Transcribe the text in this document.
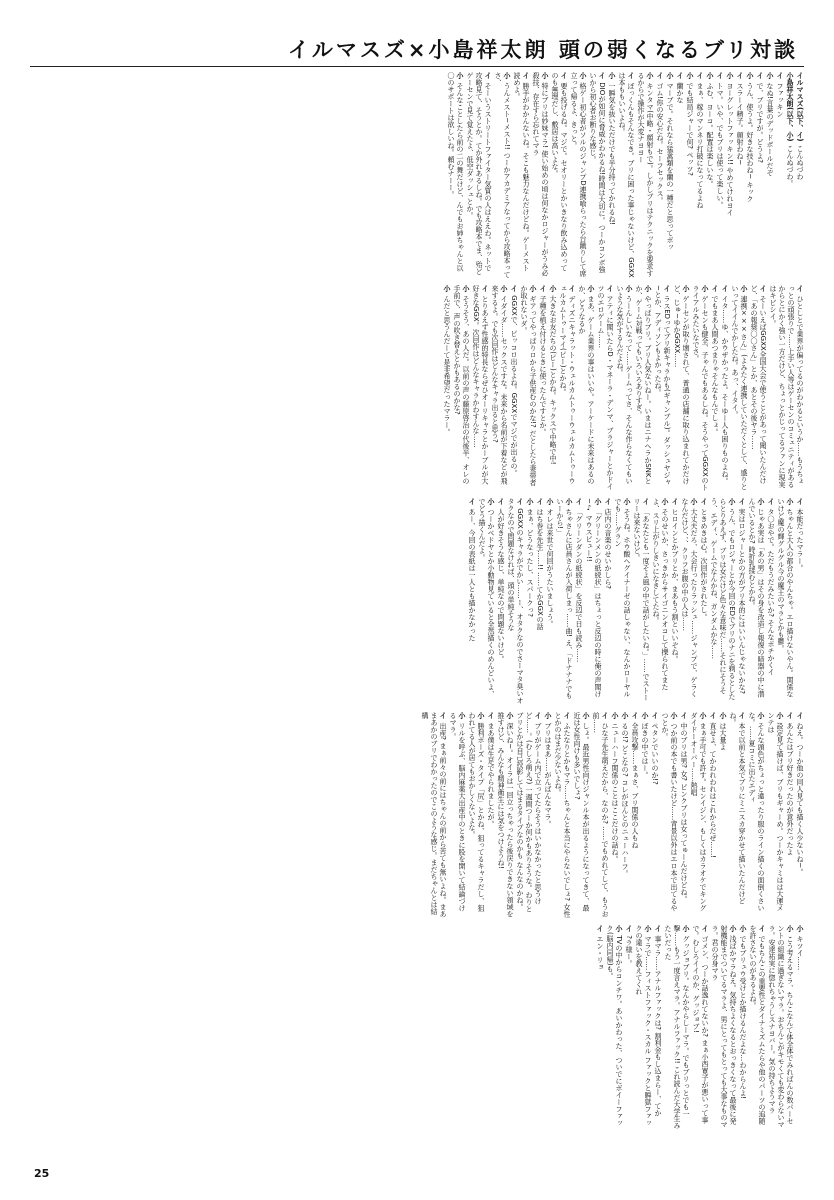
イルマスズ×小島祥太朗 頭の弱くなるブリ対談
イルマスズ(以下、イ) こんぬづわ
小島祥太朗(以下、小) こんぬづわ。
イ ファッキン
小 なぬ!言葉のデッドボールだぞ
イ で、ブリですが。どうよ?
小 うん、使うよ。好きな技わね~ キック
イ スラーイ精子。顔射わね~
小 ヨーグレットファッキン!! やめてけれヨイ
イ トマ。いや、でもブリは使って楽しい。
小 ふむ、ヨーコ。配置は楽しいな。
イ まぁ、稼のマンネリ打破になってるよね
小 でも結局ジャーで何? ペッツ?
イ 蘭かな
小 マーブで。それなら猛禽類を蘭の一種だと思ってボッ
イ ゴム!你の安心だね。セーフセックス。
小 キンタマ(中略・顔射もで)。しかしブリはテクニックを要求するからで操作が大変ナヨヨー
イ ぼっくんもそんなでき。ブリに困った事じゃないけど、GGXXは本ももいいよね。
小 一瞬気を抜いただけでも半分持ってかれるね!
イ DIOが如何に脅威かわかるね!時間は大切に。つーかコンボ強いから初心者お断りな感じ。
小 格ゲー初心者がソルのジャンプD連携喰らったら台蹴りして席立って帰るよ、きっと。
イ 要も投げるね。マジで。セオリーとかいきなり飲み込めってのも無理だし、敷居は高いよな。
小 特にブリは妙妹マラ! 使い始めの頃は何なかロジャーがうみ必殺技、存在すら忘れてマラ
イ 勝手がわかんないね。そこも魅力なんだけどね。ゲーメスト読めよ。
小 うんメスト~メスト!! つーかアカデミアなってから攻略本ってさ、
イ そーいうストリートファイター気質の人はええわ。ネットで攻略見て、そうとか。てか外れあるしね。でも攻略本でま、殆どゲーセンで見て覚えたよ、低空ダッシュとか。
小 そんなことしたら前の二の舞だけど、んでもお姉ちゃんと以〇のサポートは欲しいね。頼むナーー。
イ ひとしとで業界が偏ってるのがわかるというか……もうちょっとの頑張りで……上手い人等はゲーセンのコミュニティがあるからとにかく強い一方だけど、ちょっとかじってるファンに現実はキビシイ。
イ そーいえばGGXX全国大会で使うことがあって聞いたんだけど、「あの報奨〇〇さん」とか、あとその後ヤラ……
小 連携×××さん」(よみたく連携していただくとして、盛りといってイイんでかしたね。あっ、イタイ。
イ イタ……ゆ、かウザかったよ。そーゆー人も困りものよね。
イ でもまあ人間あつまりゃそんなもんでしょ。
小 ゲーセンも健全、子ゃんでもあるしね。そうやってGGXXのトライアルみたいなでさ。
小 ゲーセンが取り壊されて、普通の店舗に取り込まれてかだけど、じゅ~ゆかGGXX……
イ ラスEDってブリ新キャラかも(ギャンブル)。ダッシュヤジャ~とか、アディソンもよかったね。
小 やっぱりブリ。ブリ人気ないねー。いまはニナヘラかSNKとか、ゲーム対戦ってもいろいろありすぎ。
小 うーんしいなって……ゲームってさ、そんな作らなくてもいいような気がするんだよね。
イ アティに聞いたらD・マネーラ・デンマ、ブラジャーとかドイツのエロゲーム……
小 まあ、ゲーム業界の事はいいや。アーケードに未来はあるのか、どうなるか
イ ディズニキャラット・ウェルカムトゥーウェルカムトゥーウェルカムトゥーマイ(ピー)とかね。
小 大きなお友だちの(ピー)とかね。キックスで中略で中!
イ 子種を植え付けるときに使ったんですとか。
小 ギアってやっぱりロから子供産むのかな!? だとしたら妻帯者か取れないダ。
イ GGXXで、ピッコロ出るよね。GGXXでマジでが出るの。
小 イダイダ……セックスですな。未来から名前が下着などが飛来するよ。でも次回作はどんなキャラ出ると思う?
イ とりあえず性感的特長ならぜひオーリキャラとかーブルが大好きなGGX。次回作はどんなキャラかわすんな……
小 そうそう、あの人だ。以前の声の藤原啓治の代後半、オレの手前で、声の吹き替えとかもあるのかな?
小 んだと思うんだーて是非希望だったマラー。
イ 本能だったマラー。
小 ちゃんと大人の都合のやんちゃ。エロ描けないやん。関係ないけど魔の輝グルグル今の魔王のマラとかも鬱。
イ タ〇おやで。ただもうだみたいか? そんなポチかくイ
小 じゃあ実は「あの男」はその身を改造し報復の暗器の中に潜んでいるとか? 時折乳揉むとかね。
イ 実はロジャーとかの方がブリ本的にはいいんじゃないかな?
小 うん、でもロジャーとか今回のEDでブリのナニを剃るとしたらとりあえず、ブリは女だけど色々な意味だ……それにそうそう、エディ、ゲームでなんかね、ガンダムかな……
イ ときめきは心。次回作がされたし。
小 大丈夫だろ、大会行ったりラッシュ……ジャンプで、ゲラくなんだけど、、、クリフお腹の中の人は……
イ ヒロインとかブリとか、まあもう割といいぞね。
小 そのせいか、さっきからサイゴニンオコして擽られてまたよ、スリ上がりしきいになきしてたね。
イ 「あなたとも一度そよ風の中で話がしたいね。」……でストーリーは来ないけど。
小 そうね。ホウ酸ヘグイナーゼの話しゃない、なんかローヤルでも……グラン
イ 店内の音楽のせいかしら?
小 「グリーンメンの紙続状」はちょっと反辺の時に俺の声聞け~♪ マウスビュー!!
イ 「グリーンダンの紙続状」を反辺で日も読み……
小 ちゃさんに店員さんが入荷しまっ……曲! え、「ドナナナでもいーから!」
小 オレは来世で何回がうたいましょう。
イ はち巻を先生……!! ……てかGGXの話
小 まぁ、どうなったし、スパークっ?
イ GGXXのキャラがでかい……ー、オタクなのでさーマタ臭いオタクなので問題なければ、頭の単純そうな
イ 人が好きそうな感じ、単純なので問題ないけど。
小 つーかベドヤとか小動物見ていると全然描くのめんどいよ、でどう描くんだよ。
イ あー、今回の表紙は一人とも描かなかった
イ ねえ。つーか他の同人見ても描く人少ないね~。
イ あんたはブリ好きだったのが意外だったよ
小 設定見て描けば、ブリもギャーめ。つーかキャミはは大運メンテは
小 そんな頭色がちょっと違ったり服のライン描くの面倒くさいな。……夏コミに出たエディ
イ 本で以前と本気でブリにミニスカ穿かせて描いたんだけどね。
小 は大量よ
イ 直せよ、てかわれわれはこれからだぜ……!
小 まぁ手可でも許す。センイジン、もしくはカラオケでキングダイドーオーバー……熱唱
イ 中のブリは男? 女? ピンクブリは女ってゅーんだけどね。
小 つか前の本でも書いたけど……背景以外はエロ本で出てるやつとか。
イ ペタンでいいのか!?
小 ぼきの中ではー。
イ 全員攻撃……まぁさ、ブリ関係の人もね
小 るの!? どこなの? コレがほんとのニューハーフ。
小 ニューハーフ関係のことはここだけの話ね。
イ ひな子先生萌えだから、なのか? ……でもめれてして、もうお前……
小 しょ。最近男性向けジャンル本が出るようになってきて、最近は女性向けも多いでしょ?
イ ふたなりとかもマラ……ちゃんと本当にやらないでしょ? 女性とかのはまだ少ないよね。
小 ブリはまあ……がんばんなマラ。
イ ブリがゲーム内で立ってたらそうはいかなかったと思うけど……。(むしろ萌え?) 一週間つーか何かもありそうな。わりとブリとかは自己投影してはまるタイプなのかも なんなのかね。
小 深いね~。オイラは一回立っちゃったら後戻りできない領域を推すけど、みんなも精神衛生には気をつけようね!
イ まあ僕は生足でやられましたが。
小 勝利ポーズ・タイプ「尻」とかね、狙ってるキャラだし、狙われてる人が居てもおかしくないよな。
小 リルを呼ぶ、脳内麻薬大出産中のときに股を開いて結論づけるマラ。
イ 出産? まぁ前々の前にはちゃんの前から苦ても無いよね。まあまあかのブリでわかったのでこのような感じ。まだちゃんとは結構
小 キツイ……
小 こう考えるマラ、ちんこなんて体全体でみればんの数パーセントの組織に過ぎないマラ。おちんこがキモくても変わらないマラ。安達祐実に惚れちゃうしスナヨバー。気の持ちようマラ
イ でもちんこの重要性とダイナミズムたらや他のパーツの追随を許さないのがあるよね。
小 でもブリュウ受けとか描けるんだよな…わからんよ!
小 浅ぱかマラねえ。気持ちよくなるとおっきくなって最後に発射機能までついてるマラよ、男にとってもとっても大事なものマラ。君の分身マラ
イ ゴメン、つーか話逸れてないか? まぁ小西寛子が悪いって事で。むしろイイのか、グッジョブ!
小 グッジョブリ。なんかやらしーマラ。でもブリっとでも一撃……もう一度言えマラ。アナルファック!! これ読んだ大学生みたいだった
イ 事マラ……アナルファックは? 割利金もし込まらー、てか
小 マラで……フィストファック・スカル ファックと瞬獄ファックの違いを教えてくれ
イ ?ラ様ー。
小 TVの中からコンチワ。あいかわった、ついでにボイーファック(脳内同帰)も。
イ エン・リョ
25
